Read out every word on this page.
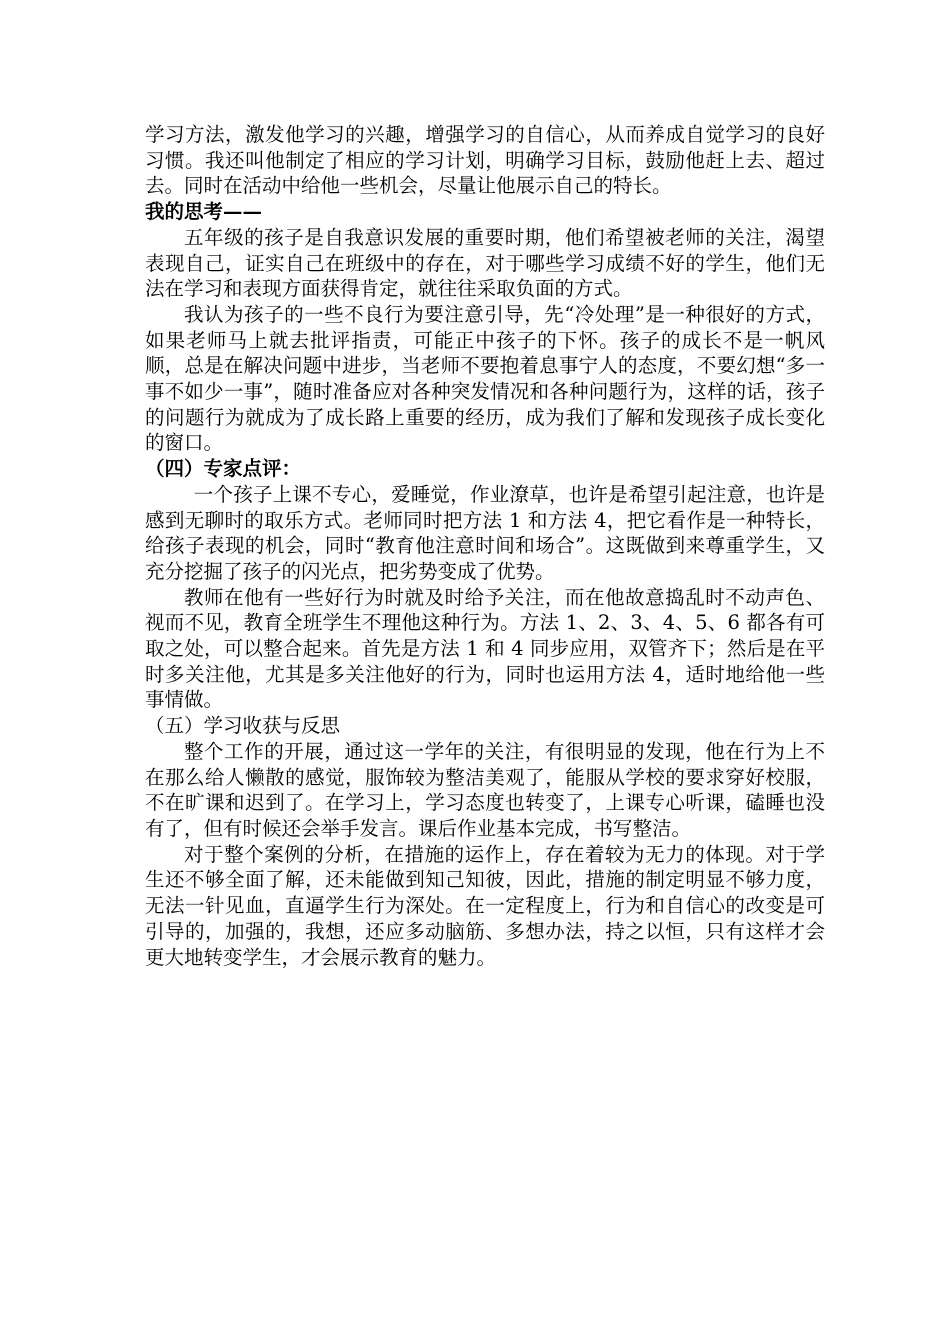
学习方法，激发他学习的兴趣，增强学习的自信心，从而养成自觉学习的良好习惯。我还叫他制定了相应的学习计划，明确学习目标，鼓励他赶上去、超过去。同时在活动中给他一些机会，尽量让他展示自己的特长。

我的思考——

五年级的孩子是自我意识发展的重要时期，他们希望被老师的关注，渴望表现自己，证实自己在班级中的存在，对于哪些学习成绩不好的学生，他们无法在学习和表现方面获得肯定，就往往采取负面的方式。

我认为孩子的一些不良行为要注意引导，先“冷处理”是一种很好的方式，如果老师马上就去批评指责，可能正中孩子的下怀。孩子的成长不是一帆风顺，总是在解决问题中进步，当老师不要抱着息事宁人的态度，不要幻想“多一事不如少一事”，随时准备应对各种突发情况和各种问题行为，这样的话，孩子的问题行为就成为了成长路上重要的经历，成为我们了解和发现孩子成长变化的窗口。

（四）专家点评：

一个孩子上课不专心，爱睡觉，作业潦草，也许是希望引起注意，也许是感到无聊时的取乐方式。老师同时把方法 1 和方法 4，把它看作是一种特长，给孩子表现的机会，同时“教育他注意时间和场合”。这既做到来尊重学生，又充分挖掘了孩子的闪光点，把劣势变成了优势。

教师在他有一些好行为时就及时给予关注，而在他故意捣乱时不动声色、视而不见，教育全班学生不理他这种行为。方法 1、2、3、4、5、6 都各有可取之处，可以整合起来。首先是方法 1 和 4 同步应用，双管齐下；然后是在平时多关注他，尤其是多关注他好的行为，同时也运用方法 4，适时地给他一些事情做。

（五）学习收获与反思

整个工作的开展，通过这一学年的关注，有很明显的发现，他在行为上不在那么给人懒散的感觉，服饰较为整洁美观了，能服从学校的要求穿好校服，不在旷课和迟到了。在学习上，学习态度也转变了，上课专心听课，磕睡也没有了，但有时候还会举手发言。课后作业基本完成，书写整洁。

对于整个案例的分析，在措施的运作上，存在着较为无力的体现。对于学生还不够全面了解，还未能做到知己知彼，因此，措施的制定明显不够力度，无法一针见血，直逼学生行为深处。在一定程度上，行为和自信心的改变是可引导的，加强的，我想，还应多动脑筋、多想办法，持之以恒，只有这样才会更大地转变学生，才会展示教育的魅力。
